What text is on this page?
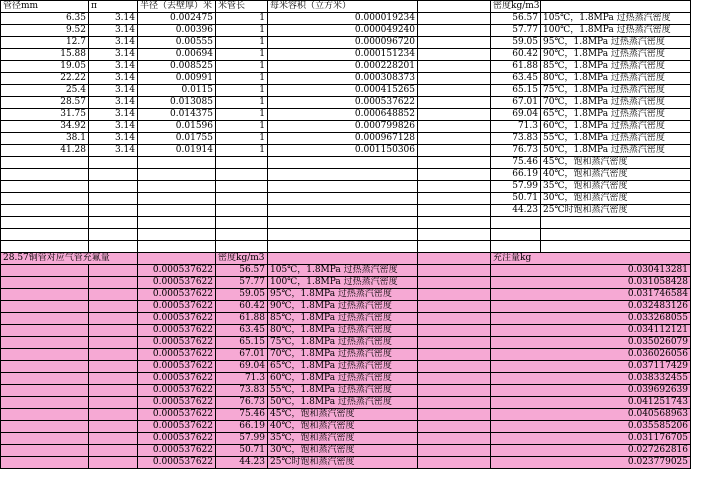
管径mm	π	半径（去壁厚）米	米管长	每米容积（立方米）		密度kg/m3	
6.35	3.14	0.002475	1	0.000019234		56.57	105℃，1.8MPa 过热蒸汽密度
9.52	3.14	0.00396	1	0.000049240		57.77	100℃，1.8MPa 过热蒸汽密度
12.7	3.14	0.00555	1	0.000096720		59.05	95℃，1.8MPa 过热蒸汽密度
15.88	3.14	0.00694	1	0.000151234		60.42	90℃，1.8MPa 过热蒸汽密度
19.05	3.14	0.008525	1	0.000228201		61.88	85℃，1.8MPa 过热蒸汽密度
22.22	3.14	0.00991	1	0.000308373		63.45	80℃，1.8MPa 过热蒸汽密度
25.4	3.14	0.0115	1	0.000415265		65.15	75℃，1.8MPa 过热蒸汽密度
28.57	3.14	0.013085	1	0.000537622		67.01	70℃，1.8MPa 过热蒸汽密度
31.75	3.14	0.014375	1	0.000648852		69.04	65℃，1.8MPa 过热蒸汽密度
34.92	3.14	0.01596	1	0.000799826		71.3	60℃，1.8MPa 过热蒸汽密度
38.1	3.14	0.01755	1	0.000967128		73.83	55℃，1.8MPa 过热蒸汽密度
41.28	3.14	0.01914	1	0.001150306		76.73	50℃，1.8MPa 过热蒸汽密度
						75.46	45℃，饱和蒸汽密度
						66.19	40℃，饱和蒸汽密度
						57.99	35℃，饱和蒸汽密度
						50.71	30℃，饱和蒸汽密度
						44.23	25℃时饱和蒸汽密度

28.57铜管对应气管充氟量			密度kg/m3			充注量kg	
		0.000537622	56.57	105℃，1.8MPa 过热蒸汽密度		0.030413281	
		0.000537622	57.77	100℃，1.8MPa 过热蒸汽密度		0.031058428	
		0.000537622	59.05	95℃，1.8MPa 过热蒸汽密度		0.031746584	
		0.000537622	60.42	90℃，1.8MPa 过热蒸汽密度		0.032483126	
		0.000537622	61.88	85℃，1.8MPa 过热蒸汽密度		0.033268055	
		0.000537622	63.45	80℃，1.8MPa 过热蒸汽密度		0.034112121	
		0.000537622	65.15	75℃，1.8MPa 过热蒸汽密度		0.035026079	
		0.000537622	67.01	70℃，1.8MPa 过热蒸汽密度		0.036026056	
		0.000537622	69.04	65℃，1.8MPa 过热蒸汽密度		0.037117429	
		0.000537622	71.3	60℃，1.8MPa 过热蒸汽密度		0.038332455	
		0.000537622	73.83	55℃，1.8MPa 过热蒸汽密度		0.039692639	
		0.000537622	76.73	50℃，1.8MPa 过热蒸汽密度		0.041251743	
		0.000537622	75.46	45℃，饱和蒸汽密度		0.040568963	
		0.000537622	66.19	40℃，饱和蒸汽密度		0.035585206	
		0.000537622	57.99	35℃，饱和蒸汽密度		0.031176705	
		0.000537622	50.71	30℃，饱和蒸汽密度		0.027262816	
		0.000537622	44.23	25℃时饱和蒸汽密度		0.023779025	
